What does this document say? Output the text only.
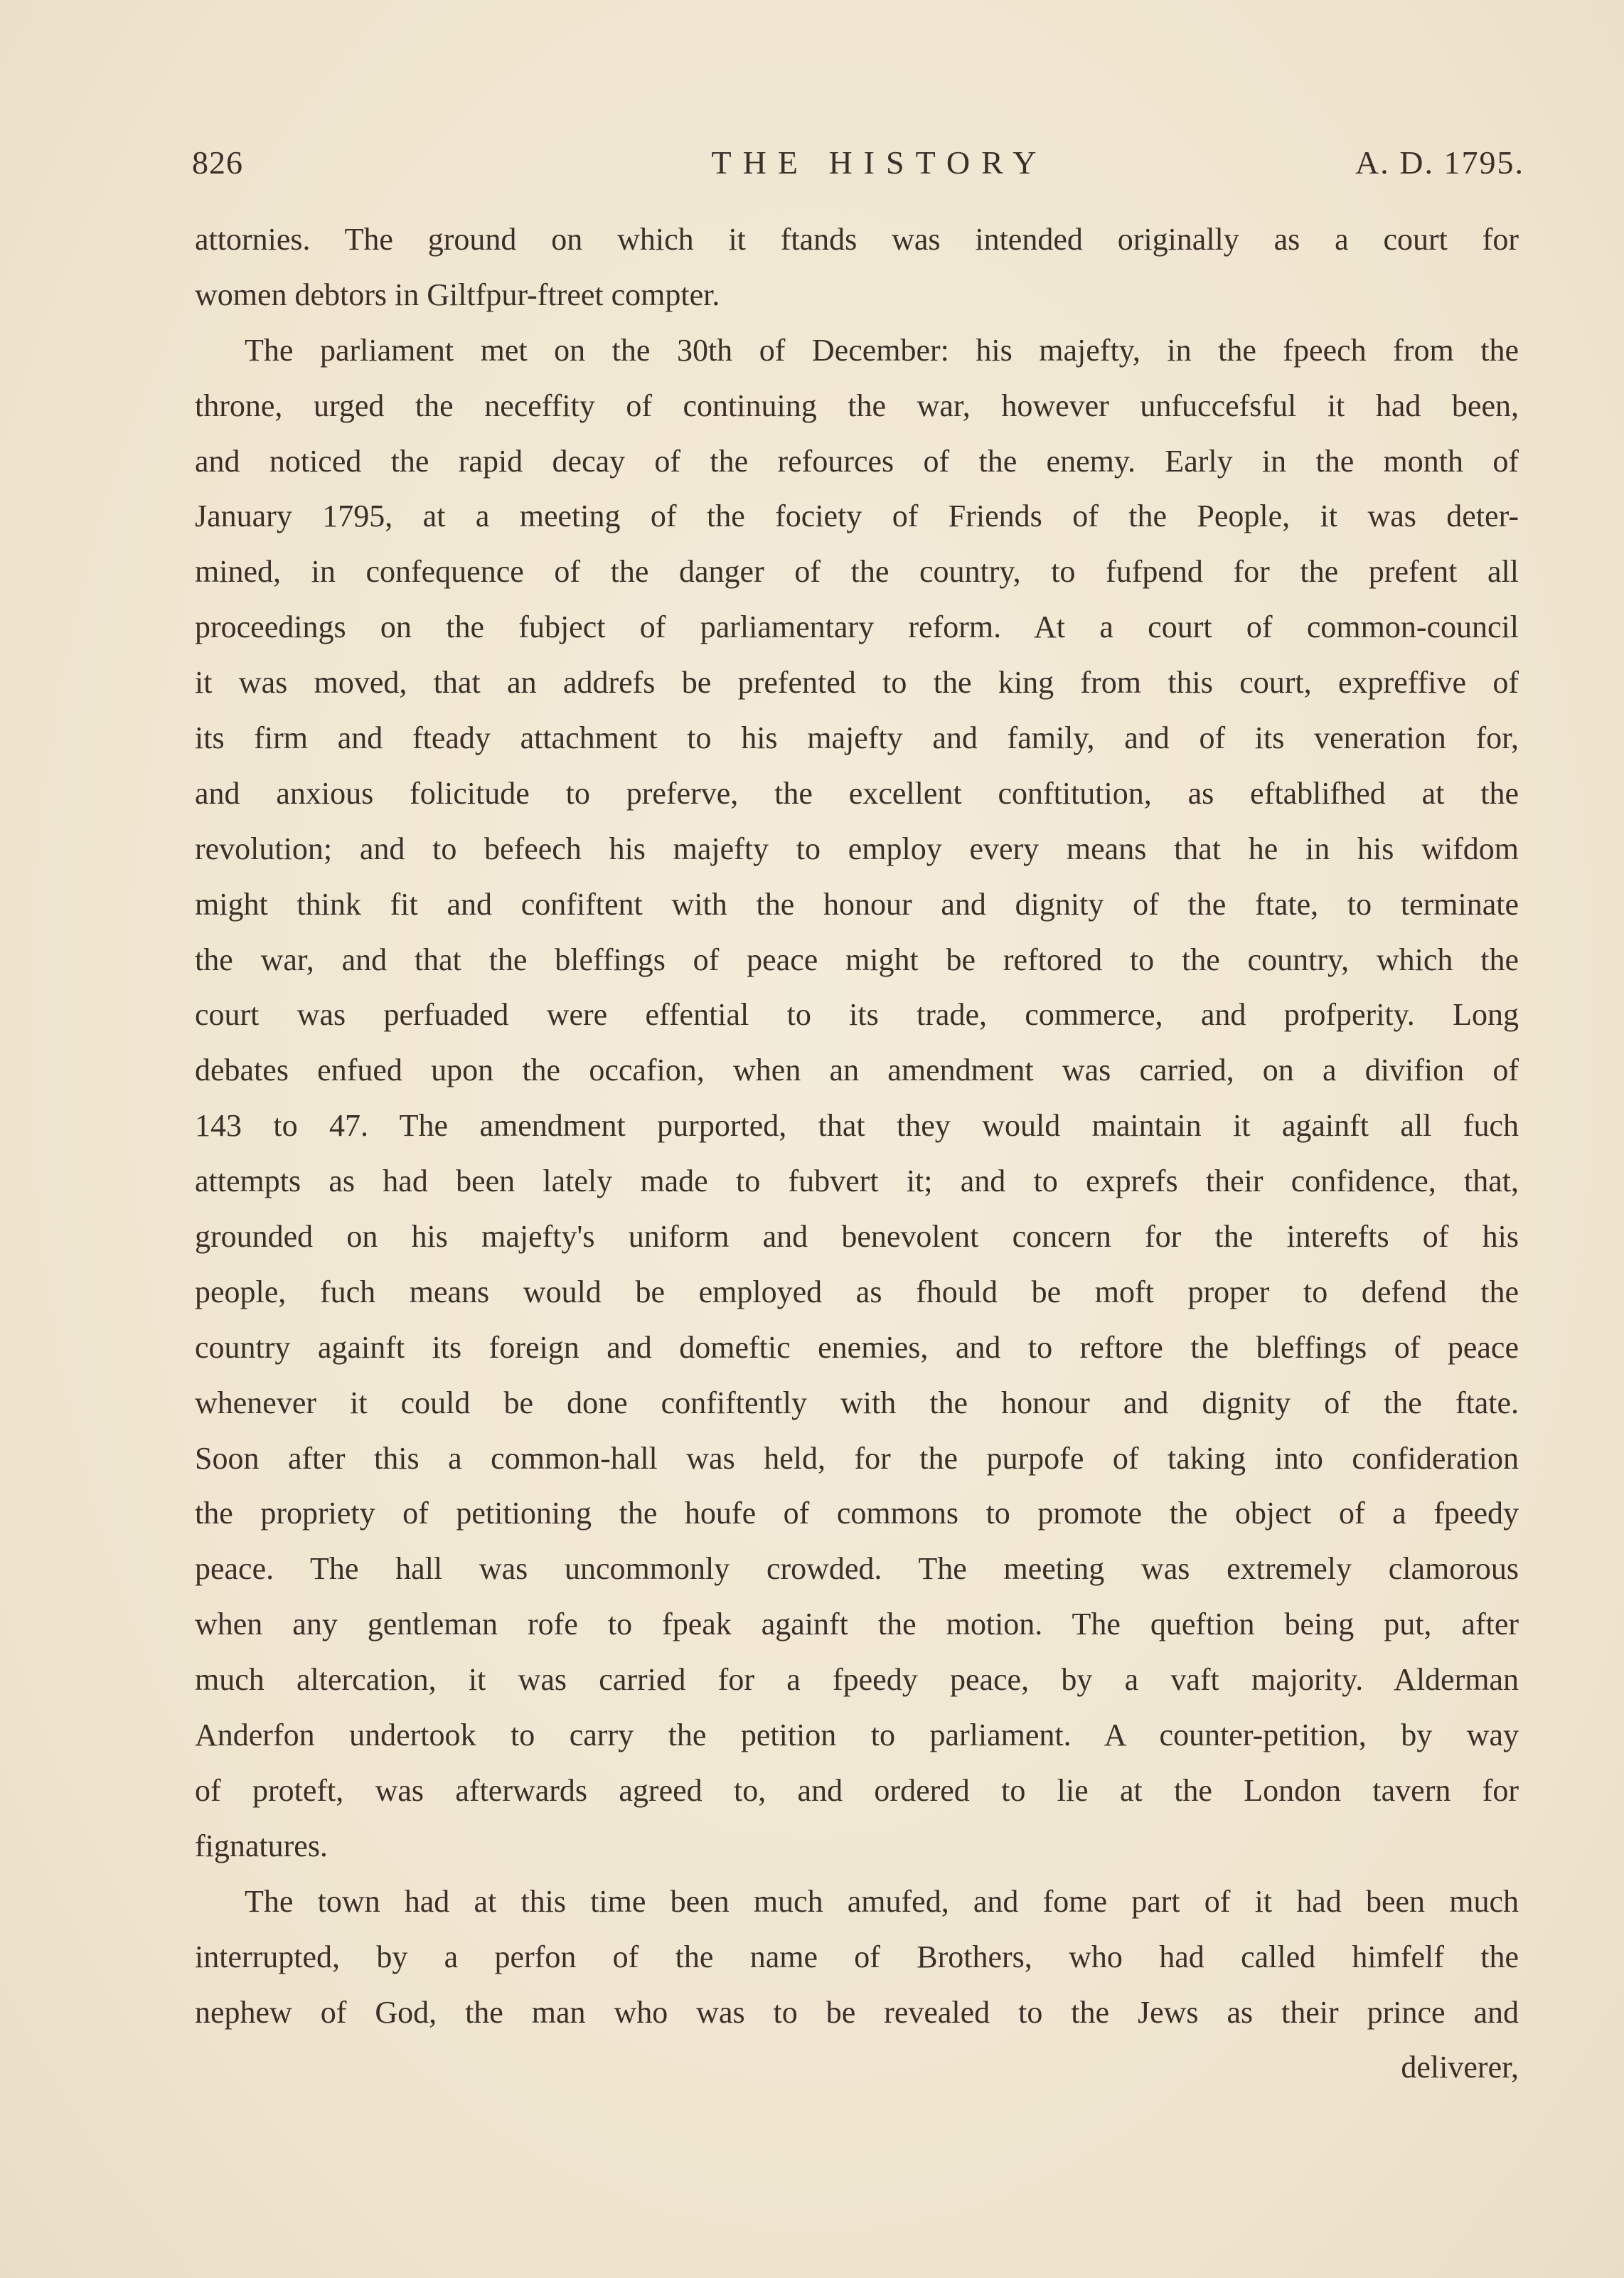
826	THE HISTORY	A. D. 1795.
attornies. The ground on which it ftands was intended originally as a court for
women debtors in Giltfpur-ftreet compter.
The parliament met on the 30th of December: his majefty, in the fpeech from the
throne, urged the neceffity of continuing the war, however unfuccefsful it had been,
and noticed the rapid decay of the refources of the enemy. Early in the month of
January 1795, at a meeting of the fociety of Friends of the People, it was deter-
mined, in confequence of the danger of the country, to fufpend for the prefent all
proceedings on the fubject of parliamentary reform. At a court of common-council
it was moved, that an addrefs be prefented to the king from this court, expreffive of
its firm and fteady attachment to his majefty and family, and of its veneration for,
and anxious folicitude to preferve, the excellent conftitution, as eftablifhed at the
revolution; and to befeech his majefty to employ every means that he in his wifdom
might think fit and confiftent with the honour and dignity of the ftate, to terminate
the war, and that the bleffings of peace might be reftored to the country, which the
court was perfuaded were effential to its trade, commerce, and profperity. Long
debates enfued upon the occafion, when an amendment was carried, on a divifion of
143 to 47. The amendment purported, that they would maintain it againft all fuch
attempts as had been lately made to fubvert it; and to exprefs their confidence, that,
grounded on his majefty's uniform and benevolent concern for the interefts of his
people, fuch means would be employed as fhould be moft proper to defend the
country againft its foreign and domeftic enemies, and to reftore the bleffings of peace
whenever it could be done confiftently with the honour and dignity of the ftate.
Soon after this a common-hall was held, for the purpofe of taking into confideration
the propriety of petitioning the houfe of commons to promote the object of a fpeedy
peace. The hall was uncommonly crowded. The meeting was extremely clamorous
when any gentleman rofe to fpeak againft the motion. The queftion being put, after
much altercation, it was carried for a fpeedy peace, by a vaft majority. Alderman
Anderfon undertook to carry the petition to parliament. A counter-petition, by way
of proteft, was afterwards agreed to, and ordered to lie at the London tavern for
fignatures.
The town had at this time been much amufed, and fome part of it had been much
interrupted, by a perfon of the name of Brothers, who had called himfelf the
nephew of God, the man who was to be revealed to the Jews as their prince and
deliverer,
